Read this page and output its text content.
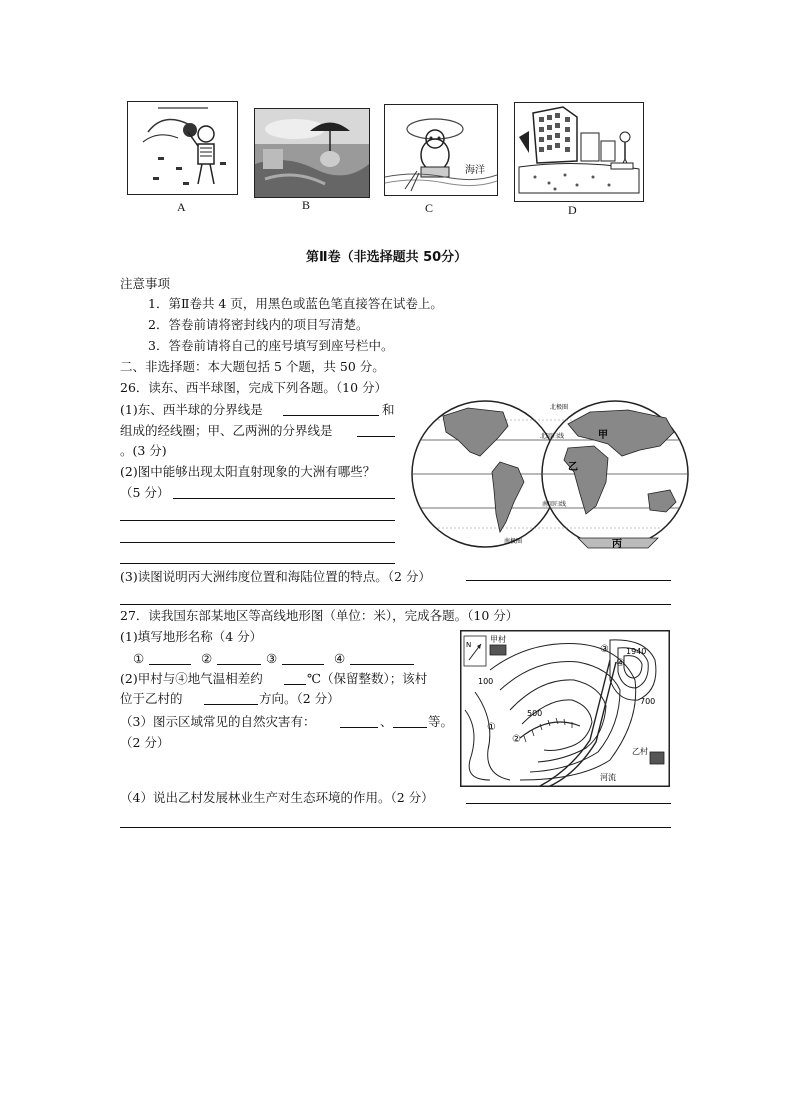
A	B
海洋
C	D
第Ⅱ卷（非选择题共 50分）
注意事项
1．第Ⅱ卷共 4 页，用黑色或蓝色笔直接答在试卷上。
2．答卷前请将密封线内的项目写清楚。
3．答卷前请将自己的座号填写到座号栏中。
二、非选择题：本大题包括 5 个题，共 50 分。
26．读东、西半球图，完成下列各题。（10 分）
(1)东、西半球的分界线是	和
组成的经线圈；甲、乙两洲的分界线是
。(3 分)
(2)图中能够出现太阳直射现象的大洲有哪些？
（5 分）
北极圈
北回归线
南回归线
南极圈
甲
乙
丙
(3)读图说明丙大洲纬度位置和海陆位置的特点。（2 分）
27．读我国东部某地区等高线地形图（单位：米），完成各题。（10 分）
(1)填写地形名称（4 分）
①	②	③	④
(2)甲村与④地气温相差约	℃（保留整数）；该村
位于乙村的	方向。（2 分）
（3）图示区域常见的自然灾害有：	、	等。
（2 分）
N
甲村
乙村
河流
100
500
700
1940
①
②
③
④
（4）说出乙村发展林业生产对生态环境的作用。（2 分）
